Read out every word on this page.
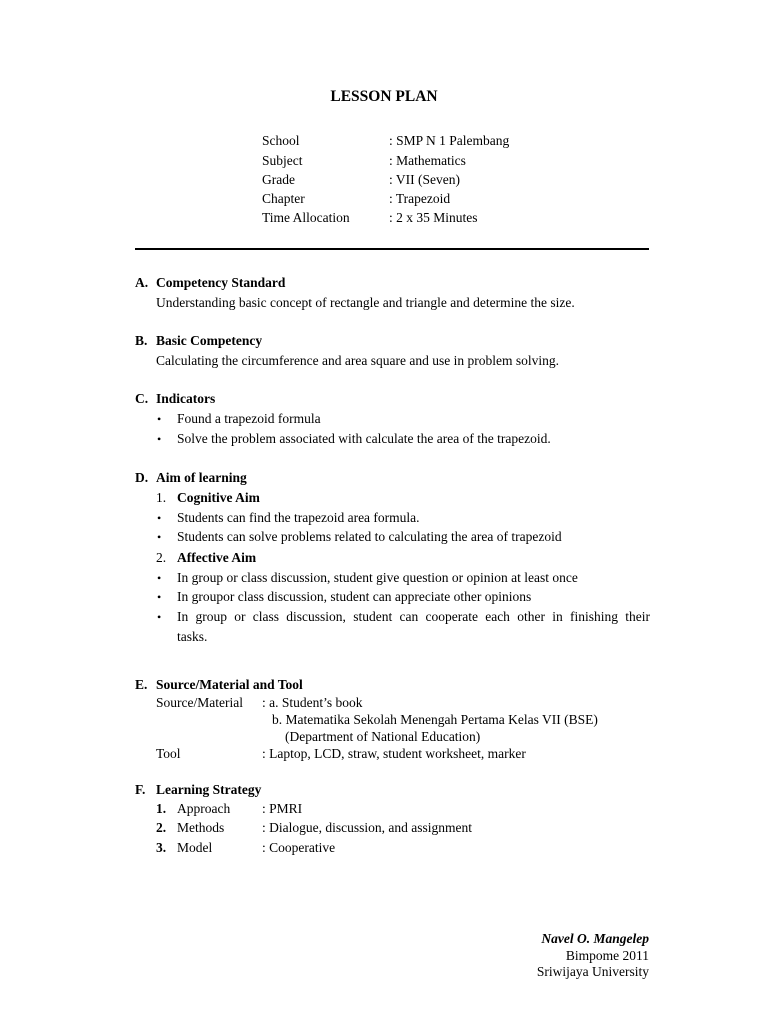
LESSON PLAN
School	: SMP N 1 Palembang
Subject	: Mathematics
Grade	: VII (Seven)
Chapter	: Trapezoid
Time Allocation	: 2 x 35 Minutes
A. Competency Standard
Understanding basic concept of rectangle and triangle and determine the size.
B. Basic Competency
Calculating the circumference and area square and use in problem solving.
C. Indicators
• Found a trapezoid formula
• Solve the problem associated with calculate the area of the trapezoid.
D. Aim of learning
1. Cognitive Aim
• Students can find the trapezoid area formula.
• Students can solve problems related to calculating the area of trapezoid
2. Affective Aim
• In group or class discussion, student give question or opinion at least once
• In groupor class discussion, student can appreciate other opinions
• In group or class discussion, student can cooperate each other in finishing their
tasks.
E. Source/Material and Tool
Source/Material : a. Student’s book
b. Matematika Sekolah Menengah Pertama Kelas VII (BSE)
(Department of National Education)
Tool	: Laptop, LCD, straw, student worksheet, marker
F. Learning Strategy
1. Approach : PMRI
2. Methods	: Dialogue, discussion, and assignment
3. Model	: Cooperative
Navel O. Mangelep
Bimpome 2011
Sriwijaya University
